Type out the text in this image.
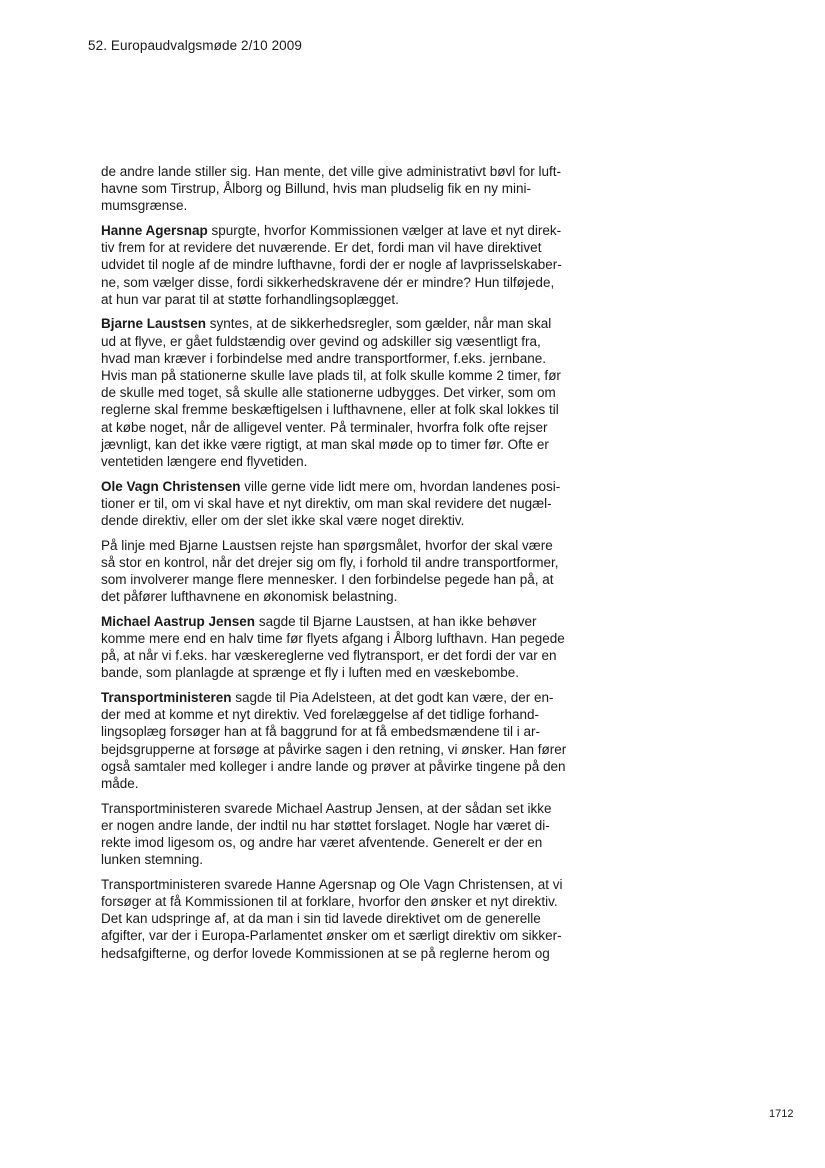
52. Europaudvalgsmøde 2/10 2009

de andre lande stiller sig. Han mente, det ville give administrativt bøvl for luft-
havne som Tirstrup, Ålborg og Billund, hvis man pludselig fik en ny mini-
mumsgrænse.

Hanne Agersnap spurgte, hvorfor Kommissionen vælger at lave et nyt direk-
tiv frem for at revidere det nuværende. Er det, fordi man vil have direktivet
udvidet til nogle af de mindre lufthavne, fordi der er nogle af lavprisselskaber-
ne, som vælger disse, fordi sikkerhedskravene dér er mindre? Hun tilføjede,
at hun var parat til at støtte forhandlingsoplægget.

Bjarne Laustsen syntes, at de sikkerhedsregler, som gælder, når man skal
ud at flyve, er gået fuldstændig over gevind og adskiller sig væsentligt fra,
hvad man kræver i forbindelse med andre transportformer, f.eks. jernbane.
Hvis man på stationerne skulle lave plads til, at folk skulle komme 2 timer, før
de skulle med toget, så skulle alle stationerne udbygges. Det virker, som om
reglerne skal fremme beskæftigelsen i lufthavnene, eller at folk skal lokkes til
at købe noget, når de alligevel venter. På terminaler, hvorfra folk ofte rejser
jævnligt, kan det ikke være rigtigt, at man skal møde op to timer før. Ofte er
ventetiden længere end flyvetiden.

Ole Vagn Christensen ville gerne vide lidt mere om, hvordan landenes posi-
tioner er til, om vi skal have et nyt direktiv, om man skal revidere det nugæl-
dende direktiv, eller om der slet ikke skal være noget direktiv.

På linje med Bjarne Laustsen rejste han spørgsmålet, hvorfor der skal være
så stor en kontrol, når det drejer sig om fly, i forhold til andre transportformer,
som involverer mange flere mennesker. I den forbindelse pegede han på, at
det påfører lufthavnene en økonomisk belastning.

Michael Aastrup Jensen sagde til Bjarne Laustsen, at han ikke behøver
komme mere end en halv time før flyets afgang i Ålborg lufthavn. Han pegede
på, at når vi f.eks. har væskereglerne ved flytransport, er det fordi der var en
bande, som planlagde at sprænge et fly i luften med en væskebombe.

Transportministeren sagde til Pia Adelsteen, at det godt kan være, der en-
der med at komme et nyt direktiv. Ved forelæggelse af det tidlige forhand-
lingsoplæg forsøger han at få baggrund for at få embedsmændene til i ar-
bejdsgrupperne at forsøge at påvirke sagen i den retning, vi ønsker. Han fører
også samtaler med kolleger i andre lande og prøver at påvirke tingene på den
måde.

Transportministeren svarede Michael Aastrup Jensen, at der sådan set ikke
er nogen andre lande, der indtil nu har støttet forslaget. Nogle har været di-
rekte imod ligesom os, og andre har været afventende. Generelt er der en
lunken stemning.

Transportministeren svarede Hanne Agersnap og Ole Vagn Christensen, at vi
forsøger at få Kommissionen til at forklare, hvorfor den ønsker et nyt direktiv.
Det kan udspringe af, at da man i sin tid lavede direktivet om de generelle
afgifter, var der i Europa-Parlamentet ønsker om et særligt direktiv om sikker-
hedsafgifterne, og derfor lovede Kommissionen at se på reglerne herom og

1712
